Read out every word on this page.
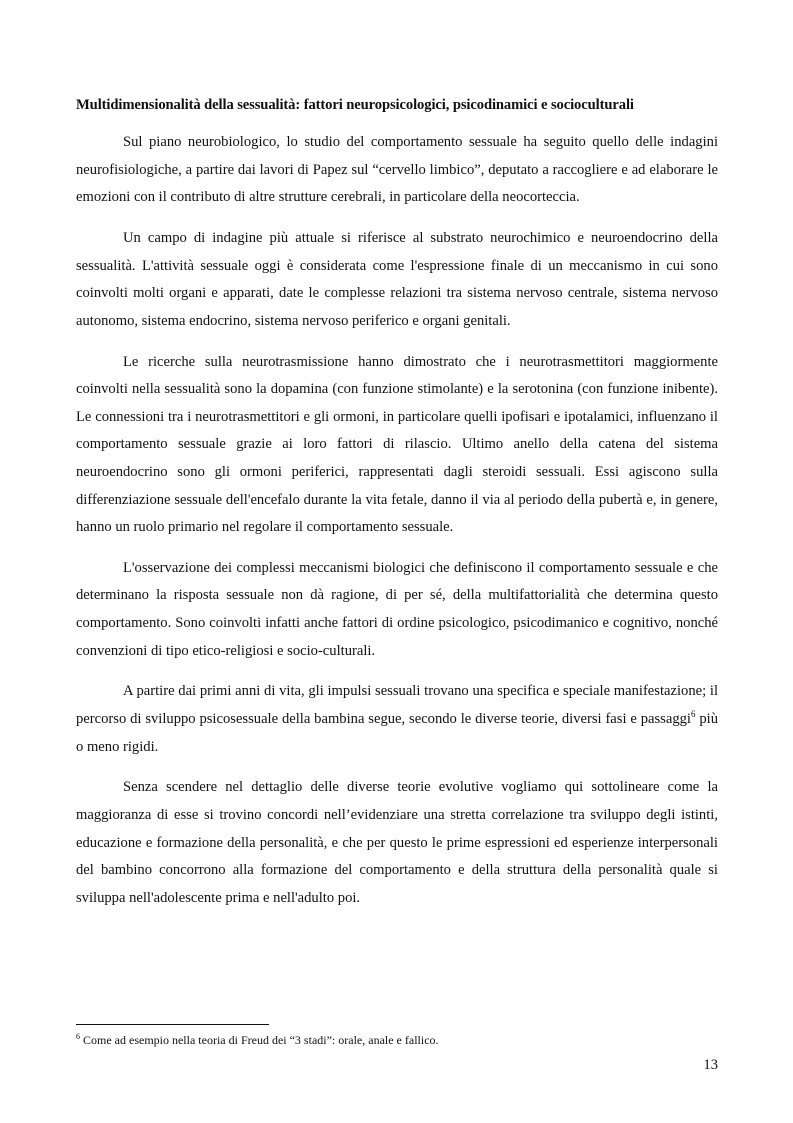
Multidimensionalità della sessualità: fattori neuropsicologici, psicodinamici e socioculturali

Sul piano neurobiologico, lo studio del comportamento sessuale ha seguito quello delle indagini neurofisiologiche, a partire dai lavori di Papez sul “cervello limbico”, deputato a raccogliere e ad elaborare le emozioni con il contributo di altre strutture cerebrali, in particolare della neocorteccia.

Un campo di indagine più attuale si riferisce al substrato neurochimico e neuroendocrino della sessualità. L'attività sessuale oggi è considerata come l'espressione finale di un meccanismo in cui sono coinvolti molti organi e apparati, date le complesse relazioni tra sistema nervoso centrale, sistema nervoso autonomo, sistema endocrino, sistema nervoso periferico e organi genitali.

Le ricerche sulla neurotrasmissione hanno dimostrato che i neurotrasmettitori maggiormente coinvolti nella sessualità sono la dopamina (con funzione stimolante) e la serotonina (con funzione inibente). Le connessioni tra i neurotrasmettitori e gli ormoni, in particolare quelli ipofisari e ipotalamici, influenzano il comportamento sessuale grazie ai loro fattori di rilascio. Ultimo anello della catena del sistema neuroendocrino sono gli ormoni periferici, rappresentati dagli steroidi sessuali. Essi agiscono sulla differenziazione sessuale dell'encefalo durante la vita fetale, danno il via al periodo della pubertà e, in genere, hanno un ruolo primario nel regolare il comportamento sessuale.

L'osservazione dei complessi meccanismi biologici che definiscono il comportamento sessuale e che determinano la risposta sessuale non dà ragione, di per sé, della multifattorialità che determina questo comportamento. Sono coinvolti infatti anche fattori di ordine psicologico, psicodimanico e cognitivo, nonché convenzioni di tipo etico-religiosi e socio-culturali.

A partire dai primi anni di vita, gli impulsi sessuali trovano una specifica e speciale manifestazione; il percorso di sviluppo psicosessuale della bambina segue, secondo le diverse teorie, diversi fasi e passaggi$^6$ più o meno rigidi.

Senza scendere nel dettaglio delle diverse teorie evolutive vogliamo qui sottolineare come la maggioranza di esse si trovino concordi nell’evidenziare una stretta correlazione tra sviluppo degli istinti, educazione e formazione della personalità, e che per questo le prime espressioni ed esperienze interpersonali del bambino concorrono alla formazione del comportamento e della struttura della personalità quale si sviluppa nell'adolescente prima e nell'adulto poi.

$^6$ Come ad esempio nella teoria di Freud dei “3 stadi”: orale, anale e fallico.
13
